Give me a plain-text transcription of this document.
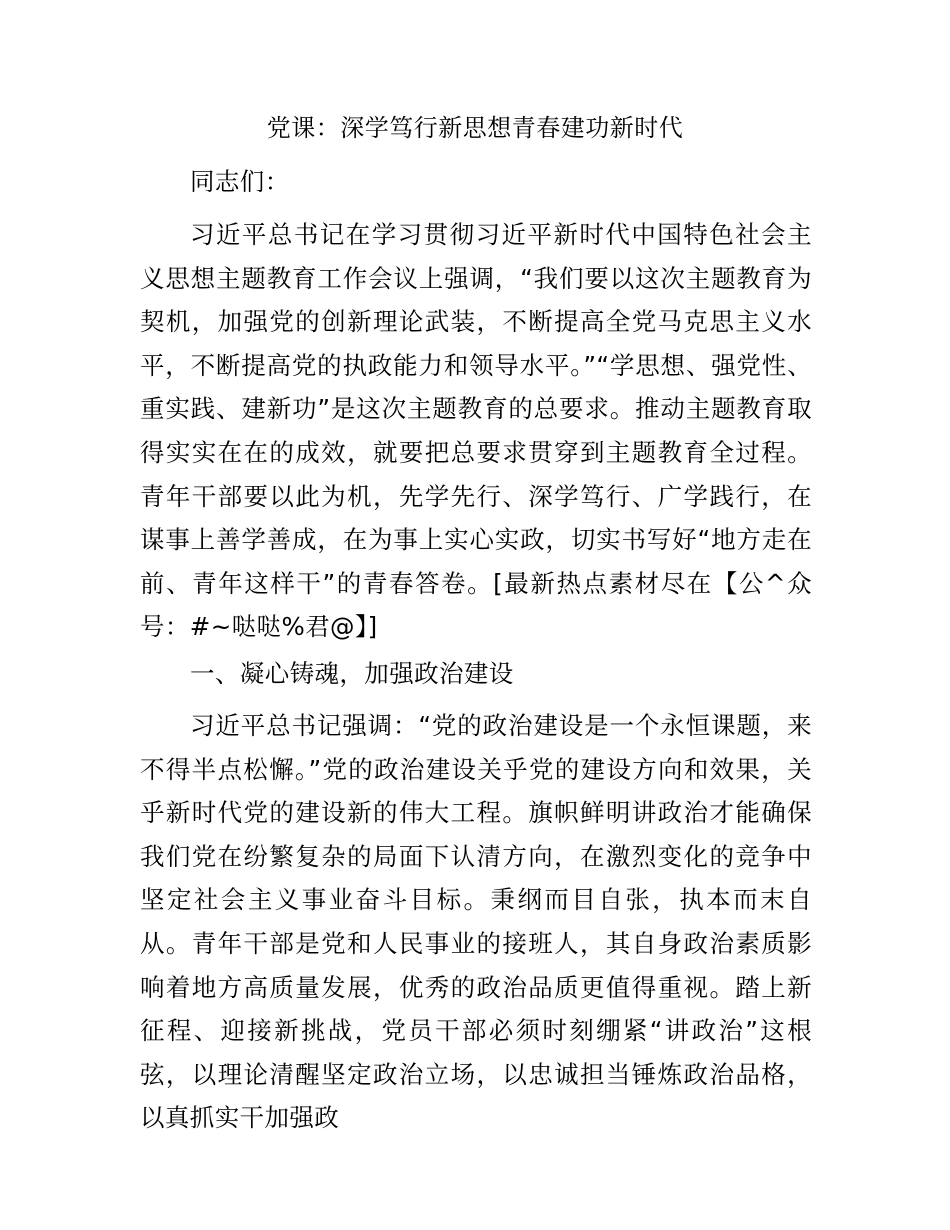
党课：深学笃行新思想青春建功新时代

同志们：

习近平总书记在学习贯彻习近平新时代中国特色社会主义思想主题教育工作会议上强调，“我们要以这次主题教育为契机，加强党的创新理论武装，不断提高全党马克思主义水平，不断提高党的执政能力和领导水平。”“学思想、强党性、重实践、建新功”是这次主题教育的总要求。推动主题教育取得实实在在的成效，就要把总要求贯穿到主题教育全过程。青年干部要以此为机，先学先行、深学笃行、广学践行，在谋事上善学善成，在为事上实心实政，切实书写好“地方走在前、青年这样干”的青春答卷。[最新热点素材尽在【公^众号：#~哒哒%君@】]

一、凝心铸魂，加强政治建设

习近平总书记强调：“党的政治建设是一个永恒课题，来不得半点松懈。”党的政治建设关乎党的建设方向和效果，关乎新时代党的建设新的伟大工程。旗帜鲜明讲政治才能确保我们党在纷繁复杂的局面下认清方向，在激烈变化的竞争中坚定社会主义事业奋斗目标。秉纲而目自张，执本而末自从。青年干部是党和人民事业的接班人，其自身政治素质影响着地方高质量发展，优秀的政治品质更值得重视。踏上新征程、迎接新挑战，党员干部必须时刻绷紧“讲政治”这根弦，以理论清醒坚定政治立场，以忠诚担当锤炼政治品格，以真抓实干加强政
